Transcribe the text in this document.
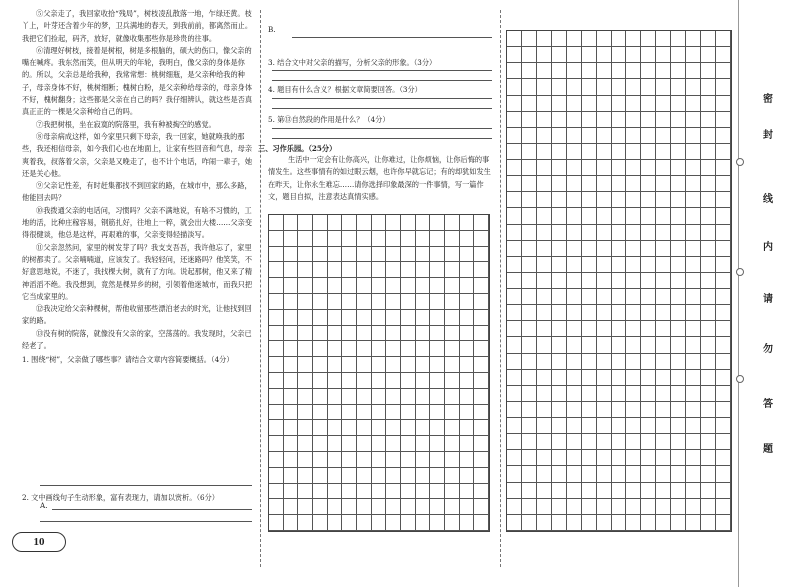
⑤父亲走了，我回家收拾“残局”，树枝凌乱散落一地，乍绿还黄。枝丫上，叶芽还含着少年的梦，卫兵满地的春天，到我前前，都离然而止。我把它们捡起，码齐，放好，就像收集那些你是珍贵的往事。

⑥清理好树枝，接着是树根，树是多根脑的，硕大的伤口，像父亲的嘴在喊疼。我东然而笑，但从明天的年轮，我明白，像父亲的身体是你的。所以，父亲总是给我种，我常常想：桃树细瓶，是父亲种给我的种子，母亲身体不好，桃树细断；槐树白粉，是父亲种给母亲的，母亲身体不好，槐树翻身；这些都是父亲在自己的吗？我仔细辨认，就这些是否真真正正的一棵是父亲种给自己的吗。

⑦我把树根，坐在寂寞的院落里，我有种被掏空的感觉。

⑧母亲病成这样，如今家里只剩下母亲，我一回家，她就唤我的那些，我还相信母亲，如今我们心也在地面上，让家有些回音和气息，母亲爽着我，叔落着父亲，父亲是又晚走了，也不计个电话，咋闹一辈子，她还是关心他。

⑨父亲记性差，有时赶集都找不到回家的路，在城市中，那么多路，他能回去吗？

⑩我拨通父亲的电话问，习惯吗？父亲不满地说，有啥不习惯的，工地的活，比种庄稼容易，钢筋扎好，往地上一粹，就会出大楼……父亲变得很健谈，他总是这样，再艰难的事，父亲变得轻描淡写。

⑪父亲忽然问，家里的树发芽了吗？我支支吾吾，我许他忘了，家里的树都卖了。父亲喃喃道，应该发了。我轻轻问，还迷路吗？他笑笑，不好意思地说，不迷了，我找棵大树，就有了方向。说起那树，他又来了精神滔滔不绝。我没想到，竟然是棵异乡的树，引领着他迷城市，而我只把它当成家里的。

⑫我决定给父亲种棵树，帮他收留那些漂泊老去的时光，让他找到回家的路。

⑬没有树的院落，就像没有父亲的家，空荡荡的。我发现时，父亲已经老了。

1. 围绕“树”，父亲做了哪些事？请结合文章内容简要概括。（4分）

2. 文中画线句子生动形象，富有表现力，请加以赏析。（6分）

A.
10
B.
3. 结合文中对父亲的描写，分析父亲的形象。（3分）
4. 题目有什么含义？根据文章简要回答。（3分）
5. 第⑬自然段的作用是什么？（4分）
三、习作乐园。（25分）
生活中一定会有让你高兴，让你难过，让你烦恼，让你后悔的事情发生。这些事情有的如过眼云烟，也许你早就忘记；有的却犹如发生在昨天，让你永生难忘……请你选择印象最深的一件事情，写一篇作文，题目自拟，注意表达真情实感。
密
封
线
内
请
勿
答
题
